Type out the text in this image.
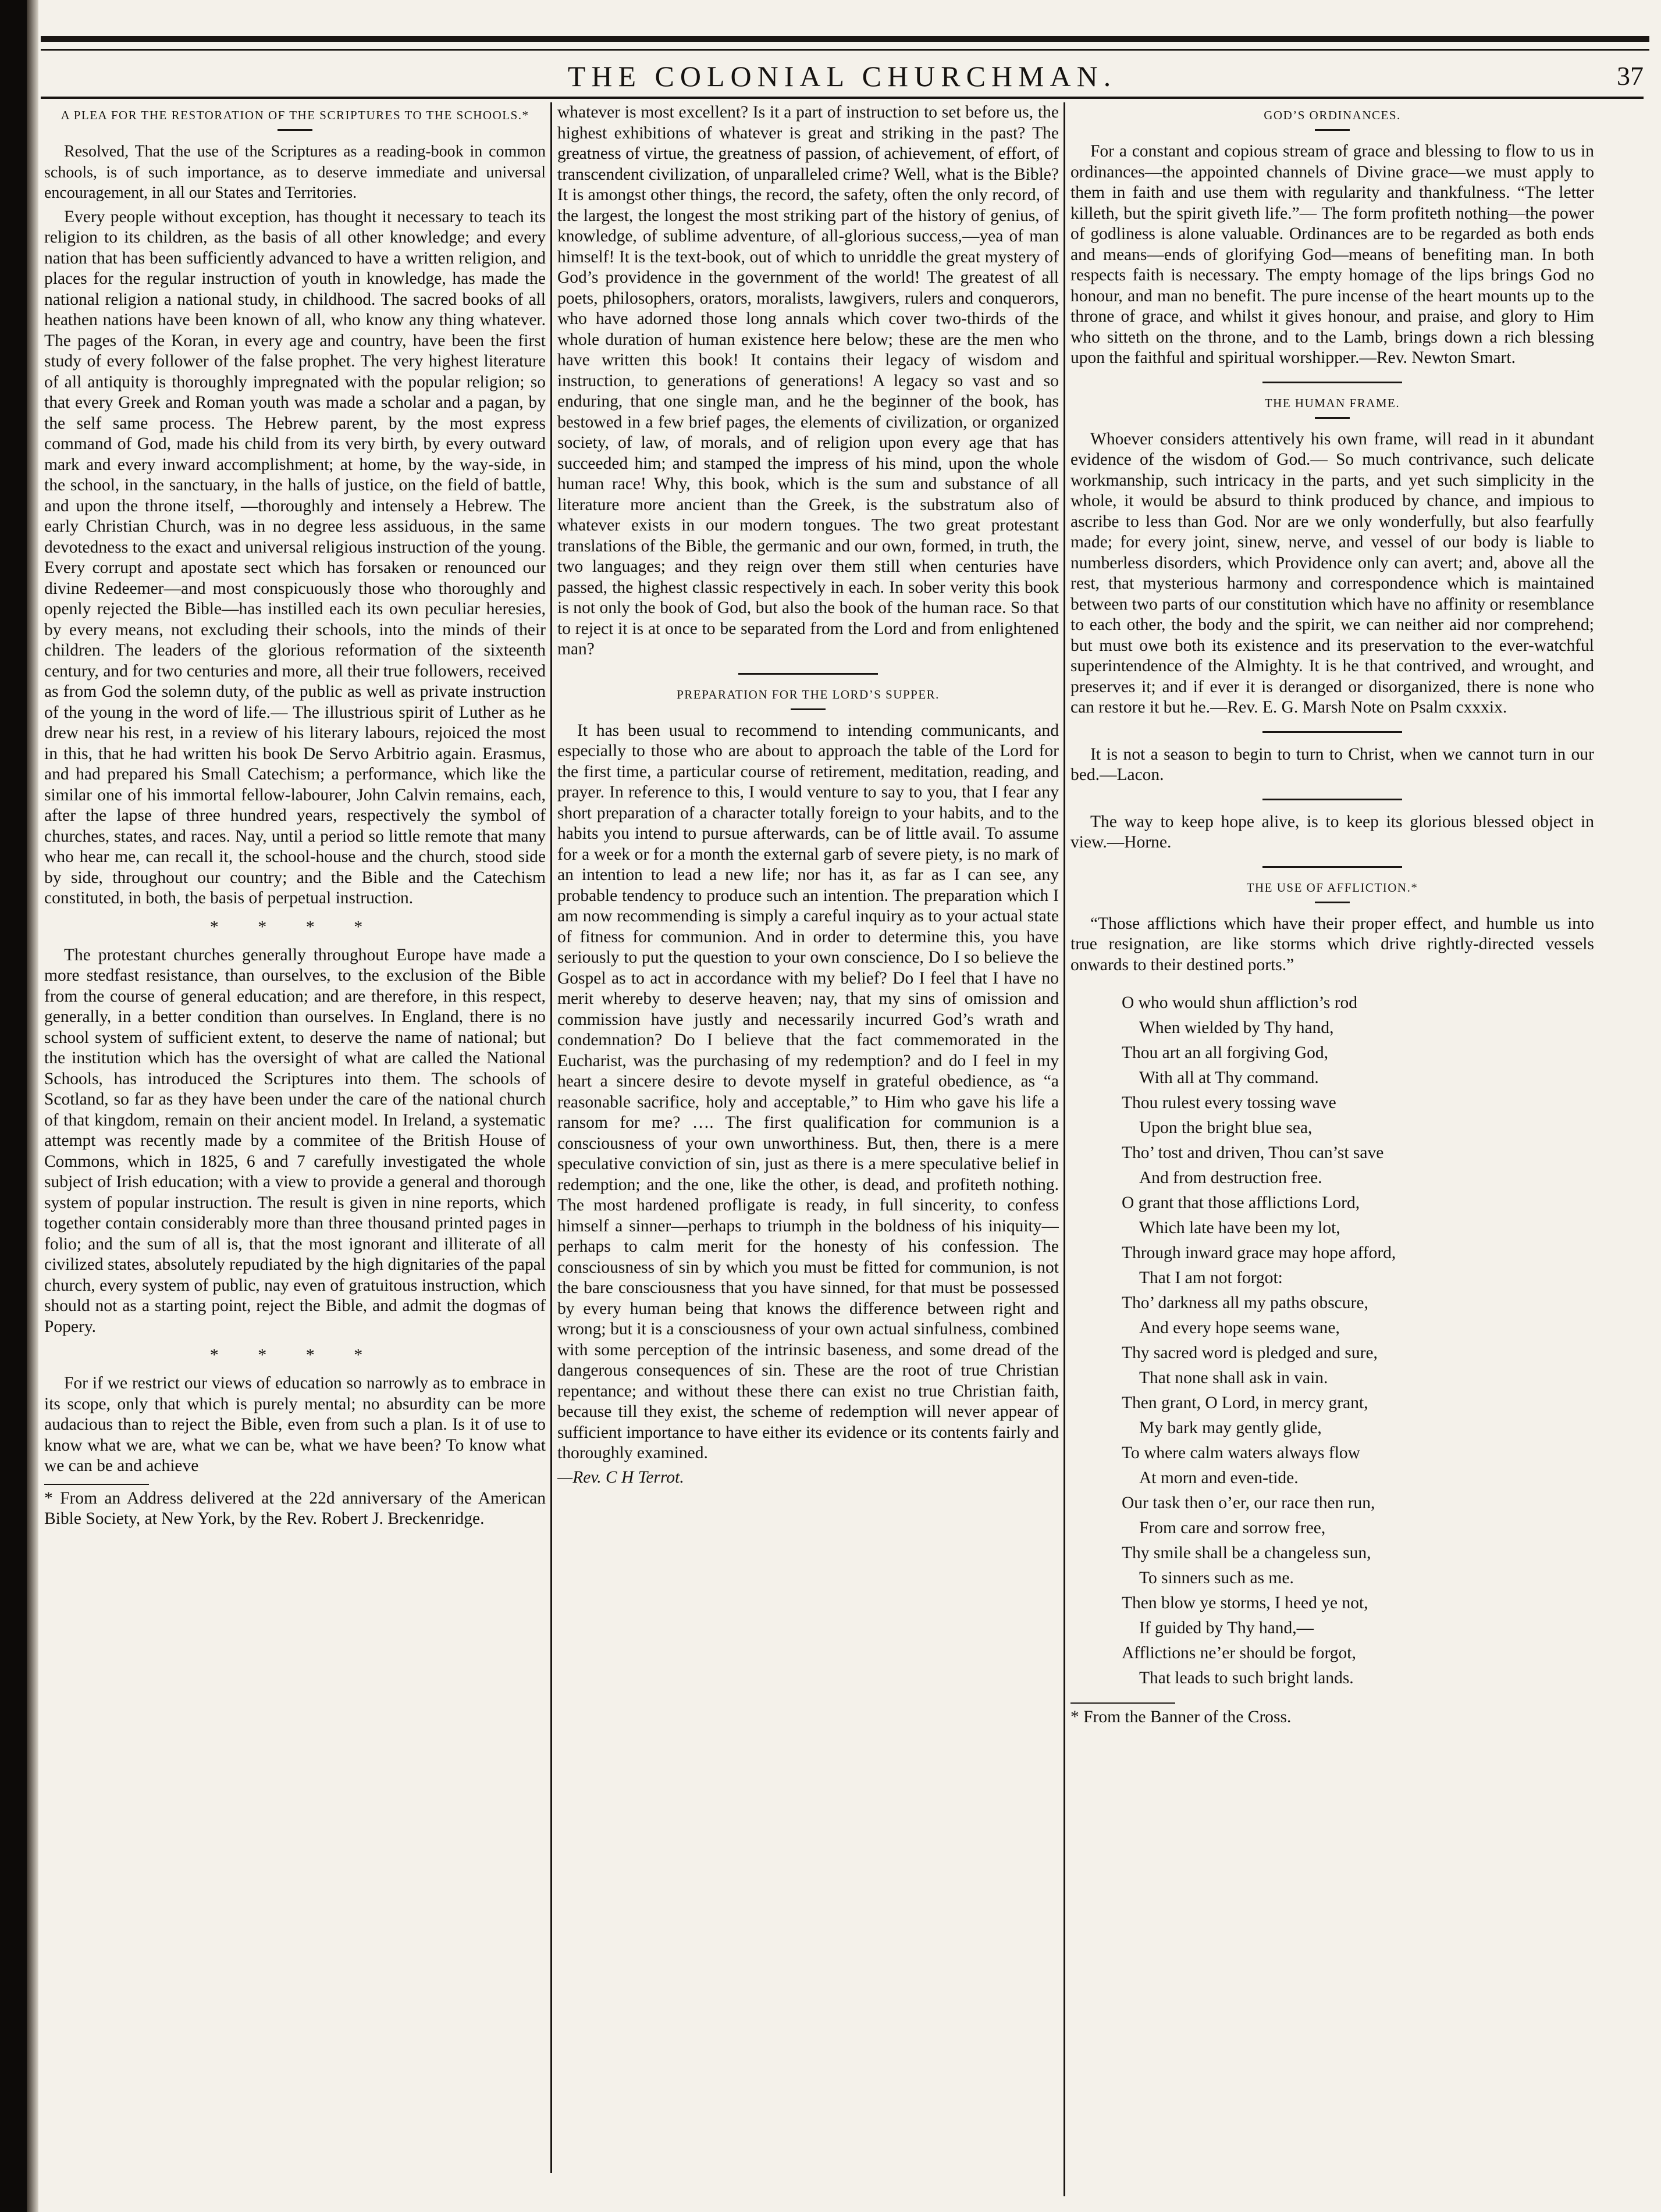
THE COLONIAL CHURCHMAN.	37
A PLEA FOR THE RESTORATION OF THE SCRIPTURES TO THE SCHOOLS.*

Resolved, That the use of the Scriptures as a reading-book in common schools, is of such importance, as to deserve immediate and universal encouragement, in all our States and Territories.

Every people without exception, has thought it necessary to teach its religion to its children, as the basis of all other knowledge; and every nation that has been sufficiently advanced to have a written religion, and places for the regular instruction of youth in knowledge, has made the national religion a national study, in childhood. The sacred books of all heathen nations have been known of all, who know any thing whatever. The pages of the Koran, in every age and country, have been the first study of every follower of the false prophet. The very highest literature of all antiquity is thoroughly impregnated with the popular religion; so that every Greek and Roman youth was made a scholar and a pagan, by the self same process. The Hebrew parent, by the most express command of God, made his child from its very birth, by every outward mark and every inward accomplishment; at home, by the way-side, in the school, in the sanctuary, in the halls of justice, on the field of battle, and upon the throne itself, —thoroughly and intensely a Hebrew. The early Christian Church, was in no degree less assiduous, in the same devotedness to the exact and universal religious instruction of the young. Every corrupt and apostate sect which has forsaken or renounced our divine Redeemer—and most conspicuously those who thoroughly and openly rejected the Bible—has instilled each its own peculiar heresies, by every means, not excluding their schools, into the minds of their children. The leaders of the glorious reformation of the sixteenth century, and for two centuries and more, all their true followers, received as from God the solemn duty, of the public as well as private instruction of the young in the word of life.— The illustrious spirit of Luther as he drew near his rest, in a review of his literary labours, rejoiced the most in this, that he had written his book De Servo Arbitrio again. Erasmus, and had prepared his Small Catechism; a performance, which like the similar one of his immortal fellow-labourer, John Calvin remains, each, after the lapse of three hundred years, respectively the symbol of churches, states, and races. Nay, until a period so little remote that many who hear me, can recall it, the school-house and the church, stood side by side, throughout our country; and the Bible and the Catechism constituted, in both, the basis of perpetual instruction.

* * * *

The protestant churches generally throughout Europe have made a more stedfast resistance, than ourselves, to the exclusion of the Bible from the course of general education; and are therefore, in this respect, generally, in a better condition than ourselves. In England, there is no school system of sufficient extent, to deserve the name of national; but the institution which has the oversight of what are called the National Schools, has introduced the Scriptures into them. The schools of Scotland, so far as they have been under the care of the national church of that kingdom, remain on their ancient model. In Ireland, a systematic attempt was recently made by a commitee of the British House of Commons, which in 1825, 6 and 7 carefully investigated the whole subject of Irish education; with a view to provide a general and thorough system of popular instruction. The result is given in nine reports, which together contain considerably more than three thousand printed pages in folio; and the sum of all is, that the most ignorant and illiterate of all civilized states, absolutely repudiated by the high dignitaries of the papal church, every system of public, nay even of gratuitous instruction, which should not as a starting point, reject the Bible, and admit the dogmas of Popery.

* * * *

For if we restrict our views of education so narrowly as to embrace in its scope, only that which is purely mental; no absurdity can be more audacious than to reject the Bible, even from such a plan. Is it of use to know what we are, what we can be, what we have been? To know what we can be and achieve

* From an Address delivered at the 22d anniversary of the American Bible Society, at New York, by the Rev. Robert J. Breckenridge.

whatever is most excellent? Is it a part of instruction to set before us, the highest exhibitions of whatever is great and striking in the past? The greatness of virtue, the greatness of passion, of achievement, of effort, of transcendent civilization, of unparalleled crime? Well, what is the Bible? It is amongst other things, the record, the safety, often the only record, of the largest, the longest the most striking part of the history of genius, of knowledge, of sublime adventure, of all-glorious success,—yea of man himself! It is the text-book, out of which to unriddle the great mystery of God’s providence in the government of the world! The greatest of all poets, philosophers, orators, moralists, lawgivers, rulers and conquerors, who have adorned those long annals which cover two-thirds of the whole duration of human existence here below; these are the men who have written this book! It contains their legacy of wisdom and instruction, to generations of generations! A legacy so vast and so enduring, that one single man, and he the beginner of the book, has bestowed in a few brief pages, the elements of civilization, or organized society, of law, of morals, and of religion upon every age that has succeeded him; and stamped the impress of his mind, upon the whole human race! Why, this book, which is the sum and substance of all literature more ancient than the Greek, is the substratum also of whatever exists in our modern tongues. The two great protestant translations of the Bible, the germanic and our own, formed, in truth, the two languages; and they reign over them still when centuries have passed, the highest classic respectively in each. In sober verity this book is not only the book of God, but also the book of the human race. So that to reject it is at once to be separated from the Lord and from enlightened man?

PREPARATION FOR THE LORD’S SUPPER.

It has been usual to recommend to intending communicants, and especially to those who are about to approach the table of the Lord for the first time, a particular course of retirement, meditation, reading, and prayer. In reference to this, I would venture to say to you, that I fear any short preparation of a character totally foreign to your habits, and to the habits you intend to pursue afterwards, can be of little avail. To assume for a week or for a month the external garb of severe piety, is no mark of an intention to lead a new life; nor has it, as far as I can see, any probable tendency to produce such an intention. The preparation which I am now recommending is simply a careful inquiry as to your actual state of fitness for communion. And in order to determine this, you have seriously to put the question to your own conscience, Do I so believe the Gospel as to act in accordance with my belief? Do I feel that I have no merit whereby to deserve heaven; nay, that my sins of omission and commission have justly and necessarily incurred God’s wrath and condemnation? Do I believe that the fact commemorated in the Eucharist, was the purchasing of my redemption? and do I feel in my heart a sincere desire to devote myself in grateful obedience, as “a reasonable sacrifice, holy and acceptable,” to Him who gave his life a ransom for me? …. The first qualification for communion is a consciousness of your own unworthiness. But, then, there is a mere speculative conviction of sin, just as there is a mere speculative belief in redemption; and the one, like the other, is dead, and profiteth nothing. The most hardened profligate is ready, in full sincerity, to confess himself a sinner—perhaps to triumph in the boldness of his iniquity—perhaps to calm merit for the honesty of his confession. The consciousness of sin by which you must be fitted for communion, is not the bare consciousness that you have sinned, for that must be possessed by every human being that knows the difference between right and wrong; but it is a consciousness of your own actual sinfulness, combined with some perception of the intrinsic baseness, and some dread of the dangerous consequences of sin. These are the root of true Christian repentance; and without these there can exist no true Christian faith, because till they exist, the scheme of redemption will never appear of sufficient importance to have either its evidence or its contents fairly and thoroughly examined.

—Rev. C H Terrot.

GOD’S ORDINANCES.

For a constant and copious stream of grace and blessing to flow to us in ordinances—the appointed channels of Divine grace—we must apply to them in faith and use them with regularity and thankfulness. “The letter killeth, but the spirit giveth life.”— The form profiteth nothing—the power of godliness is alone valuable. Ordinances are to be regarded as both ends and means—ends of glorifying God—means of benefiting man. In both respects faith is necessary. The empty homage of the lips brings God no honour, and man no benefit. The pure incense of the heart mounts up to the throne of grace, and whilst it gives honour, and praise, and glory to Him who sitteth on the throne, and to the Lamb, brings down a rich blessing upon the faithful and spiritual worshipper.—Rev. Newton Smart.

THE HUMAN FRAME.

Whoever considers attentively his own frame, will read in it abundant evidence of the wisdom of God.— So much contrivance, such delicate workmanship, such intricacy in the parts, and yet such simplicity in the whole, it would be absurd to think produced by chance, and impious to ascribe to less than God. Nor are we only wonderfully, but also fearfully made; for every joint, sinew, nerve, and vessel of our body is liable to numberless disorders, which Providence only can avert; and, above all the rest, that mysterious harmony and correspondence which is maintained between two parts of our constitution which have no affinity or resemblance to each other, the body and the spirit, we can neither aid nor comprehend; but must owe both its existence and its preservation to the ever-watchful superintendence of the Almighty. It is he that contrived, and wrought, and preserves it; and if ever it is deranged or disorganized, there is none who can restore it but he.—Rev. E. G. Marsh Note on Psalm cxxxix.

It is not a season to begin to turn to Christ, when we cannot turn in our bed.—Lacon.

The way to keep hope alive, is to keep its glorious blessed object in view.—Horne.

THE USE OF AFFLICTION.*

“Those afflictions which have their proper effect, and humble us into true resignation, are like storms which drive rightly-directed vessels onwards to their destined ports.”

O who would shun affliction’s rod
When wielded by Thy hand,
Thou art an all forgiving God,
With all at Thy command.
Thou rulest every tossing wave
Upon the bright blue sea,
Tho’ tost and driven, Thou can’st save
And from destruction free.
O grant that those afflictions Lord,
Which late have been my lot,
Through inward grace may hope afford,
That I am not forgot:
Tho’ darkness all my paths obscure,
And every hope seems wane,
Thy sacred word is pledged and sure,
That none shall ask in vain.
Then grant, O Lord, in mercy grant,
My bark may gently glide,
To where calm waters always flow
At morn and even-tide.
Our task then o’er, our race then run,
From care and sorrow free,
Thy smile shall be a changeless sun,
To sinners such as me.
Then blow ye storms, I heed ye not,
If guided by Thy hand,—
Afflictions ne’er should be forgot,
That leads to such bright lands.

* From the Banner of the Cross.
